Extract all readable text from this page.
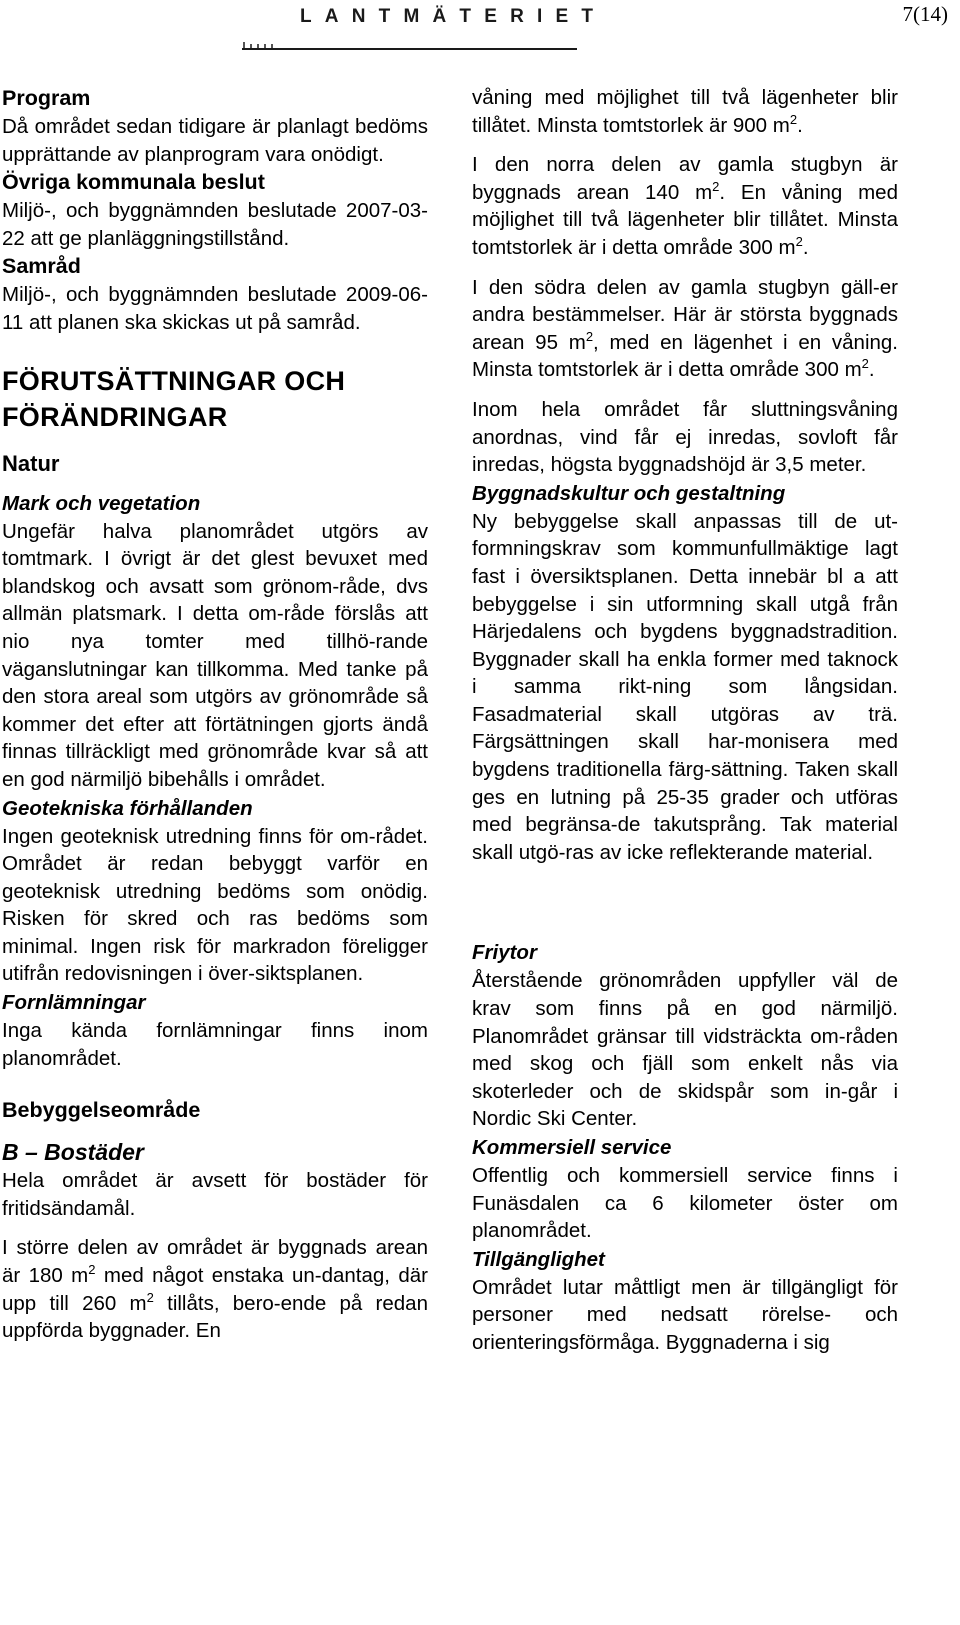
LANTMÄTERIET	7(14)
Program

Då området sedan tidigare är planlagt bedöms upprättande av planprogram vara onödigt.

Övriga kommunala beslut

Miljö-, och byggnämnden beslutade 2007-03-22 att ge planläggningstillstånd.

Samråd

Miljö-, och byggnämnden beslutade 2009-06-11 att planen ska skickas ut på samråd.

FÖRUTSÄTTNINGAR OCH
FÖRÄNDRINGAR
Natur
Mark och vegetation

Ungefär halva planområdet utgörs av tomtmark. I övrigt är det glest bevuxet med blandskog och avsatt som grönom-råde, dvs allmän platsmark. I detta om-råde förslås att nio nya tomter med tillhö-rande väganslutningar kan tillkomma. Med tanke på den stora areal som utgörs av grönområde så kommer det efter att förtätningen gjorts ändå finnas tillräckligt med grönområde kvar så att en god närmiljö bibehålls i området.

Geotekniska förhållanden

Ingen geoteknisk utredning finns för om-rådet. Området är redan bebyggt varför en geoteknisk utredning bedöms som onödig. Risken för skred och ras bedöms som minimal. Ingen risk för markradon föreligger utifrån redovisningen i över-siktsplanen.

Fornlämningar

Inga kända fornlämningar finns inom planområdet.

Bebyggelseområde
B – Bostäder

Hela området är avsett för bostäder för fritidsändamål.

I större delen av området är byggnads arean är 180 $m^2$ med något enstaka un-dantag, där upp till 260 $m^2$ tillåts, bero-ende på redan uppförda byggnader. En

våning med möjlighet till två lägenheter blir tillåtet. Minsta tomtstorlek är 900 $m^2$.

I den norra delen av gamla stugbyn är byggnads arean 140 $m^2$. En våning med möjlighet till två lägenheter blir tillåtet. Minsta tomtstorlek är i detta område 300 $m^2$.

I den södra delen av gamla stugbyn gäll-er andra bestämmelser. Här är största byggnads arean 95 $m^2$, med en lägenhet i en våning. Minsta tomtstorlek är i detta område 300 $m^2$.

Inom hela området får sluttningsvåning anordnas, vind får ej inredas, sovloft får inredas, högsta byggnadshöjd är 3,5 meter.

Byggnadskultur och gestaltning

Ny bebyggelse skall anpassas till de ut-formningskrav som kommunfullmäktige lagt fast i översiktsplanen. Detta innebär bl a att bebyggelse i sin utformning skall utgå från Härjedalens och bygdens byggnadstradition. Byggnader skall ha enkla former med taknock i samma rikt-ning som långsidan. Fasadmaterial skall utgöras av trä. Färgsättningen skall har-monisera med bygdens traditionella färg-sättning. Taken skall ges en lutning på 25-35 grader och utföras med begränsa-de takutsprång. Tak material skall utgö-ras av icke reflekterande material.

Friytor

Återstående grönområden uppfyller väl de krav som finns på en god närmiljö. Planområdet gränsar till vidsträckta om-råden med skog och fjäll som enkelt nås via skoterleder och de skidspår som in-går i Nordic Ski Center.

Kommersiell service

Offentlig och kommersiell service finns i Funäsdalen ca 6 kilometer öster om planområdet.

Tillgänglighet

Området lutar måttligt men är tillgängligt för personer med nedsatt rörelse- och orienteringsförmåga. Byggnaderna i sig
